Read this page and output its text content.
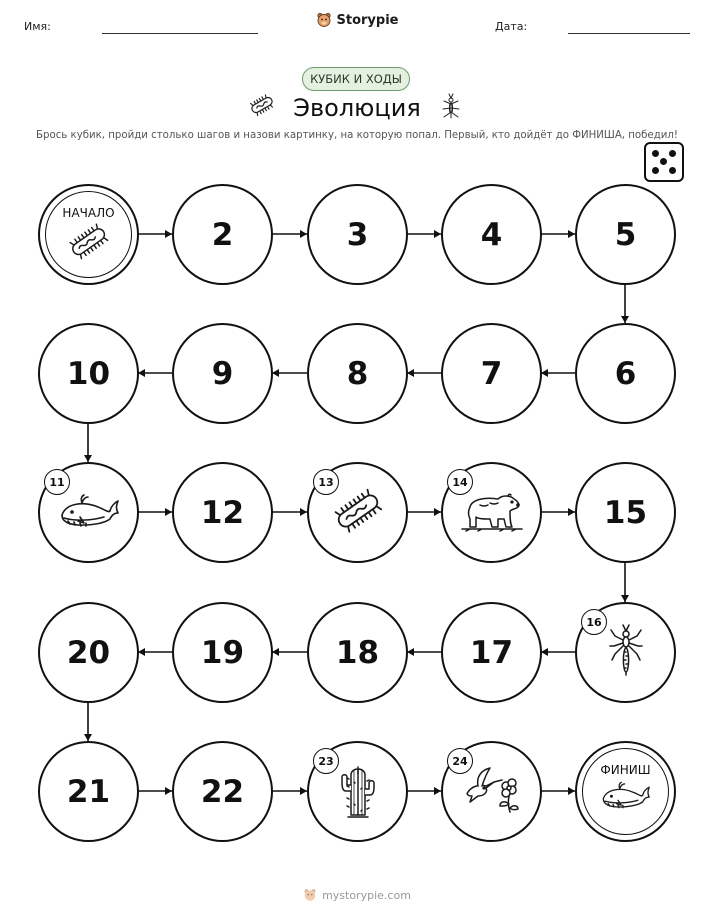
Имя:	Storypie	Дата:
КУБИК И ХОДЫ
Эволюция
Брось кубик, пройди столько шагов и назови картинку, на которую попал. Первый, кто дойдёт до ФИНИША, победил!
НАЧАЛО
2	3	4	5
6
7
8
9
10
11
12
13	14
15
16
17
18
19
20
21	22
23	24
ФИНИШ
mystorypie.com
